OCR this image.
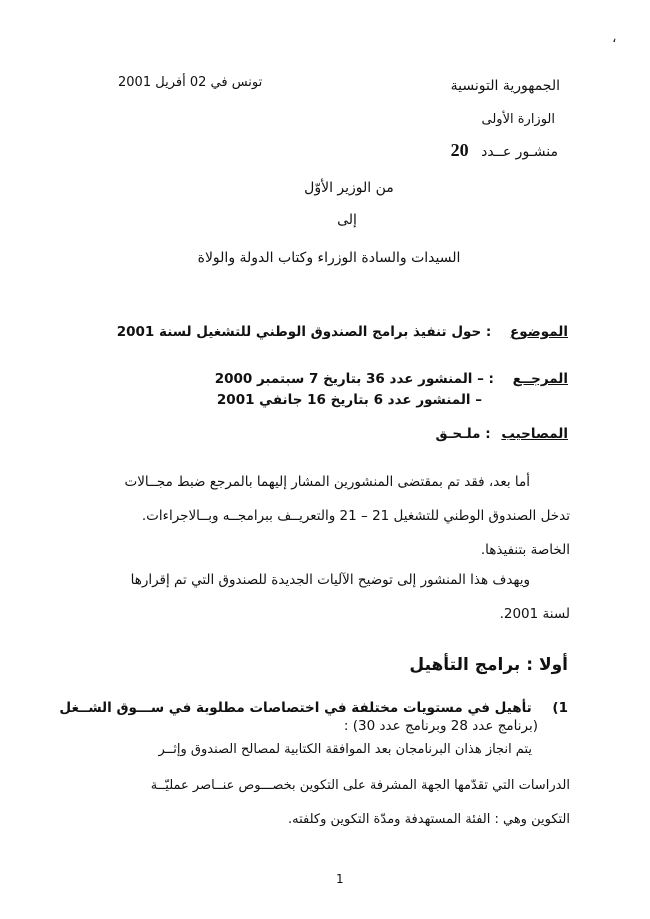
،
الجمهورية التونسية
الوزارة الأولى
منشـور عــدد 20
تونس في 02 أفريل 2001
من الوزير الأوّل
إلى
السيدات والسادة الوزراء وكتاب الدولة والولاة
الموضوع : حول تنفيذ برامج الصندوق الوطني للتشغيل لسنة 2001
المرجــع : – المنشور عدد 36 بتاريخ 7 سبتمبر 2000
– المنشور عدد 6 بتاريخ 16 جانفي 2001
المصاحيب : ملـحـق
أما بعد، فقد تم بمقتضى المنشورين المشار إليهما بالمرجع ضبط مجــالات
تدخل الصندوق الوطني للتشغيل 21 – 21 والتعريــف ببرامجــه وبــالاجراءات.
الخاصة بتنفيذها.
ويهدف هذا المنشور إلى توضيح الآليات الجديدة للصندوق التي تم إقرارها
لسنة 2001.
أولا : برامج التأهيل
1) تأهيل في مستويات مختلفة في اختصاصات مطلوبة في ســـوق الشــغل
(برنامج عدد 28 وبرنامج عدد 30) :
يتم انجاز هذان البرنامجان بعد الموافقة الكتابية لمصالح الصندوق وإثــر
الدراسات التي تقدّمها الجهة المشرفة على التكوين بخصـــوص عنــاصر عمليّــة
التكوين وهي : الفئة المستهدفة ومدّة التكوين وكلفته.
1
